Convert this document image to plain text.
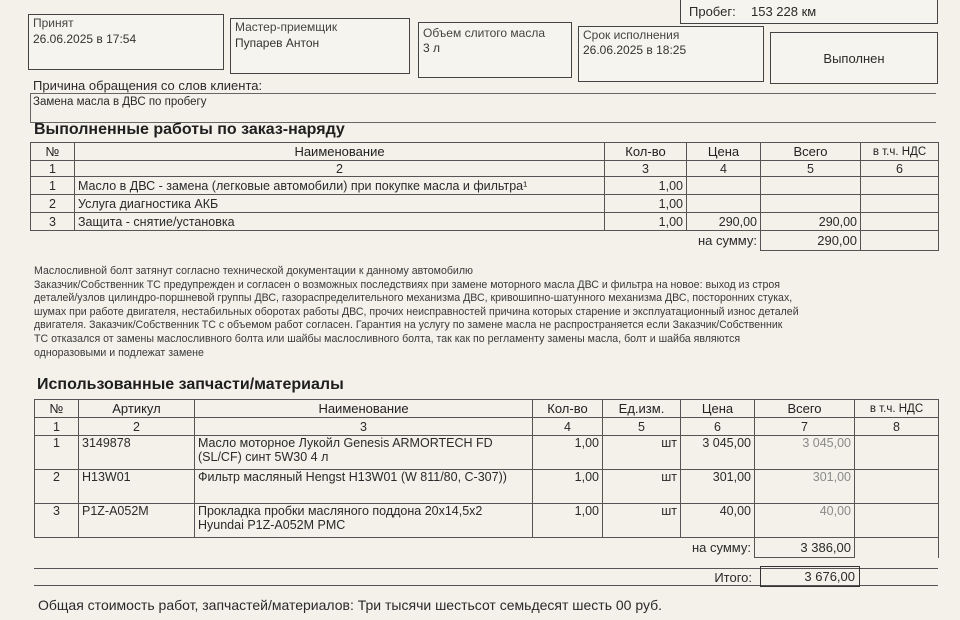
Пробег: 153 228 км
Принят
26.06.2025 в 17:54
Мастер-приемщик
Пупарев Антон
Объем слитого масла
3 л
Срок исполнения
26.06.2025 в 18:25
Выполнен
Причина обращения со слов клиента:
Замена масла в ДВС по пробегу
Выполненные работы по заказ-наряду
№	Наименование	Кол-во	Цена	Всего	в т.ч. НДС
1	2	3	4	5	6
1	Масло в ДВС - замена (легковые автомобили) при покупке масла и фильтра¹	1,00			
2	Услуга диагностика АКБ	1,00			
3	Защита - снятие/установка	1,00	290,00	290,00	
на сумму:				290,00	
Маслосливной болт затянут согласно технической документации к данному автомобилю
Заказчик/Собственник ТС предупрежден и согласен о возможных последствиях при замене моторного масла ДВС и фильтра на новое: выход из строя
деталей/узлов цилиндро-поршневой группы ДВС, газораспределительного механизма ДВС, кривошипно-шатунного механизма ДВС, посторонних стуках,
шумах при работе двигателя, нестабильных оборотах работы ДВС, прочих неисправностей причина которых старение и эксплуатационный износ деталей
двигателя. Заказчик/Собственник ТС с объемом работ согласен. Гарантия на услугу по замене масла не распространяется если Заказчик/Собственник
ТС отказался от замены маслосливного болта или шайбы маслосливного болта, так как по регламенту замены масла, болт и шайба являются
одноразовыми и подлежат замене
Использованные запчасти/материалы
№	Артикул	Наименование	Кол-во	Ед.изм.	Цена	Всего	в т.ч. НДС
1	2	3	4	5	6	7	8
1	3149878	Масло моторное Лукойл Genesis ARMORTECH FD (SL/CF) синт 5W30 4 л	1,00	шт	3 045,00	3 045,00	
2	H13W01	Фильтр масляный Hengst H13W01 (W 811/80, C-307))	1,00	шт	301,00	301,00	
3	P1Z-A052M	Прокладка пробки масляного поддона 20x14,5x2 Hyundai P1Z-A052M PMC	1,00	шт	40,00	40,00	
на сумму:						3 386,00	
Итого:	3 676,00
Общая стоимость работ, запчастей/материалов: Три тысячи шестьсот семьдесят шесть 00 руб.
